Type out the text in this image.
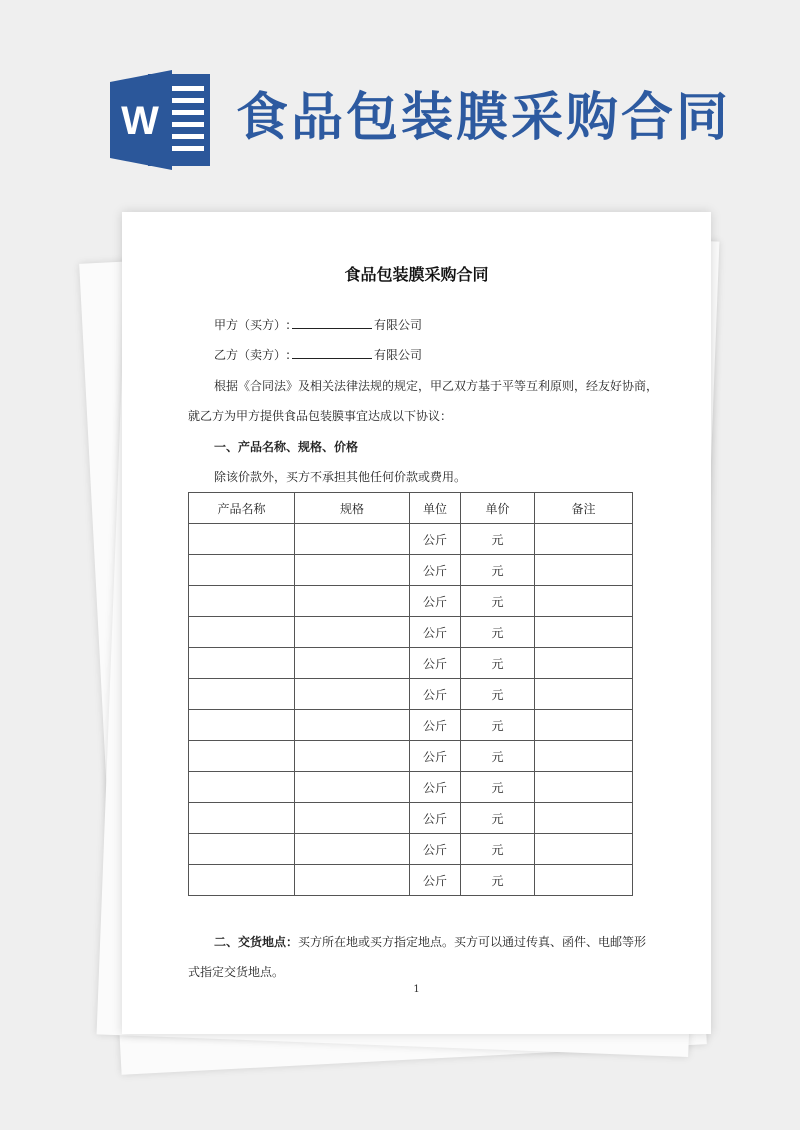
W 食品包装膜采购合同
食品包装膜采购合同
甲方（买方）:	有限公司
乙方（卖方）:	有限公司
根据《合同法》及相关法律法规的规定，甲乙双方基于平等互利原则，经友好协商，
就乙方为甲方提供食品包装膜事宜达成以下协议：
一、产品名称、规格、价格
除该价款外，买方不承担其他任何价款或费用。
产品名称	规格	单位	单价	备注
		公斤	元	
		公斤	元	
		公斤	元	
		公斤	元	
		公斤	元	
		公斤	元	
		公斤	元	
		公斤	元	
		公斤	元	
		公斤	元	
		公斤	元	
		公斤	元	
二、交货地点：买方所在地或买方指定地点。买方可以通过传真、函件、电邮等形
式指定交货地点。
1
